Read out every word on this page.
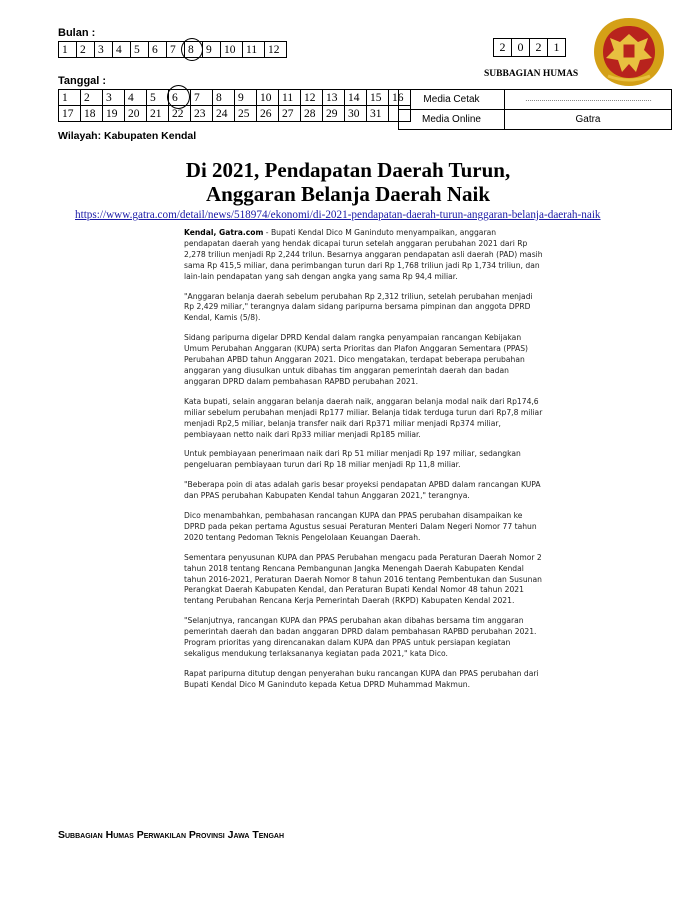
Bulan :
1	2	3	4	5	6	7	8	9	10	11	12
Tanggal :
1	2	3	4	5	6	7	8	9	10	11	12	13	14	15	16
17	18	19	20	21	22	23	24	25	26	27	28	29	30	31	
2	0	2	1
SUBBAGIAN HUMAS
Media Cetak	………………………………………………………
Media Online	Gatra
Wilayah: Kabupaten Kendal
Di 2021, Pendapatan Daerah Turun,
Anggaran Belanja Daerah Naik
https://www.gatra.com/detail/news/518974/ekonomi/di-2021-pendapatan-daerah-turun-anggaran-belanja-daerah-naik

Kendal, Gatra.com - Bupati Kendal Dico M Ganinduto menyampaikan, anggaran pendapatan daerah yang hendak dicapai turun setelah anggaran perubahan 2021 dari Rp 2,278 triliun menjadi Rp 2,244 trilun. Besarnya anggaran pendapatan asli daerah (PAD) masih sama Rp 415,5 miliar, dana perimbangan turun dari Rp 1,768 triliun jadi Rp 1,734 triliun, dan lain-lain pendapatan yang sah dengan angka yang sama Rp 94,4 miliar.

"Anggaran belanja daerah sebelum perubahan Rp 2,312 triliun, setelah perubahan menjadi Rp 2,429 miliar," terangnya dalam sidang paripurna bersama pimpinan dan anggota DPRD Kendal, Kamis (5/8).

Sidang paripurna digelar DPRD Kendal dalam rangka penyampaian rancangan Kebijakan Umum Perubahan Anggaran (KUPA) serta Prioritas dan Plafon Anggaran Sementara (PPAS) Perubahan APBD tahun Anggaran 2021. Dico mengatakan, terdapat beberapa perubahan anggaran yang diusulkan untuk dibahas tim anggaran pemerintah daerah dan badan anggaran DPRD dalam pembahasan RAPBD perubahan 2021.

Kata bupati, selain anggaran belanja daerah naik, anggaran belanja modal naik dari Rp174,6 miliar sebelum perubahan menjadi Rp177 miliar. Belanja tidak terduga turun dari Rp7,8 miliar menjadi Rp2,5 miliar, belanja transfer naik dari Rp371 miliar menjadi Rp374 miliar, pembiayaan netto naik dari Rp33 miliar menjadi Rp185 miliar.

Untuk pembiayaan penerimaan naik dari Rp 51 miliar menjadi Rp 197 miliar, sedangkan pengeluaran pembiayaan turun dari Rp 18 miliar menjadi Rp 11,8 miliar.

"Beberapa poin di atas adalah garis besar proyeksi pendapatan APBD dalam rancangan KUPA dan PPAS perubahan Kabupaten Kendal tahun Anggaran 2021," terangnya.

Dico menambahkan, pembahasan rancangan KUPA dan PPAS perubahan disampaikan ke DPRD pada pekan pertama Agustus sesuai Peraturan Menteri Dalam Negeri Nomor 77 tahun 2020 tentang Pedoman Teknis Pengelolaan Keuangan Daerah.

Sementara penyusunan KUPA dan PPAS Perubahan mengacu pada Peraturan Daerah Nomor 2 tahun 2018 tentang Rencana Pembangunan Jangka Menengah Daerah Kabupaten Kendal tahun 2016-2021, Peraturan Daerah Nomor 8 tahun 2016 tentang Pembentukan dan Susunan Perangkat Daerah Kabupaten Kendal, dan Peraturan Bupati Kendal Nomor 48 tahun 2021 tentang Perubahan Rencana Kerja Pemerintah Daerah (RKPD) Kabupaten Kendal 2021.

"Selanjutnya, rancangan KUPA dan PPAS perubahan akan dibahas bersama tim anggaran pemerintah daerah dan badan anggaran DPRD dalam pembahasan RAPBD perubahan 2021. Program prioritas yang direncanakan dalam KUPA dan PPAS untuk persiapan kegiatan sekaligus mendukung terlaksananya kegiatan pada 2021," kata Dico.

Rapat paripurna ditutup dengan penyerahan buku rancangan KUPA dan PPAS perubahan dari Bupati Kendal Dico M Ganinduto kepada Ketua DPRD Muhammad Makmun.

Subbagian Humas Perwakilan Provinsi Jawa Tengah
